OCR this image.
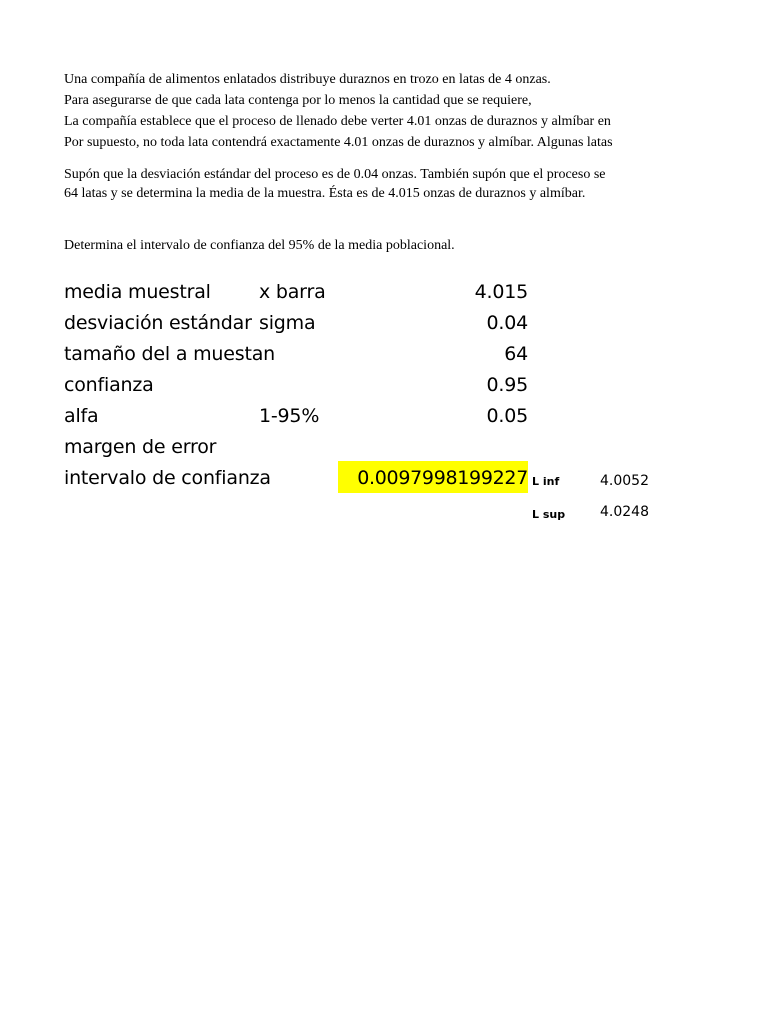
Una compañía de alimentos enlatados distribuye duraznos en trozo en latas de 4 onzas.
Para asegurarse de que cada lata contenga por lo menos la cantidad que se requiere,
La compañía establece que el proceso de llenado debe verter 4.01 onzas de duraznos y almíbar en
Por supuesto, no toda lata contendrá exactamente 4.01 onzas de duraznos y almíbar. Algunas latas
Supón que la desviación estándar del proceso es de 0.04 onzas. También supón que el proceso se
64 latas y se determina la media de la muestra. Ésta es de 4.015 onzas de duraznos y almíbar.
Determina el intervalo de confianza del 95% de la media poblacional.
media muestral
desviación estándar
tamaño del a muestan
confianza
alfa
margen de error
intervalo de confianza
x barra
sigma
1-95%
4.015
0.04
64
0.95
0.05
0.0097998199227 L inf	4.0052
L sup 4.0248
